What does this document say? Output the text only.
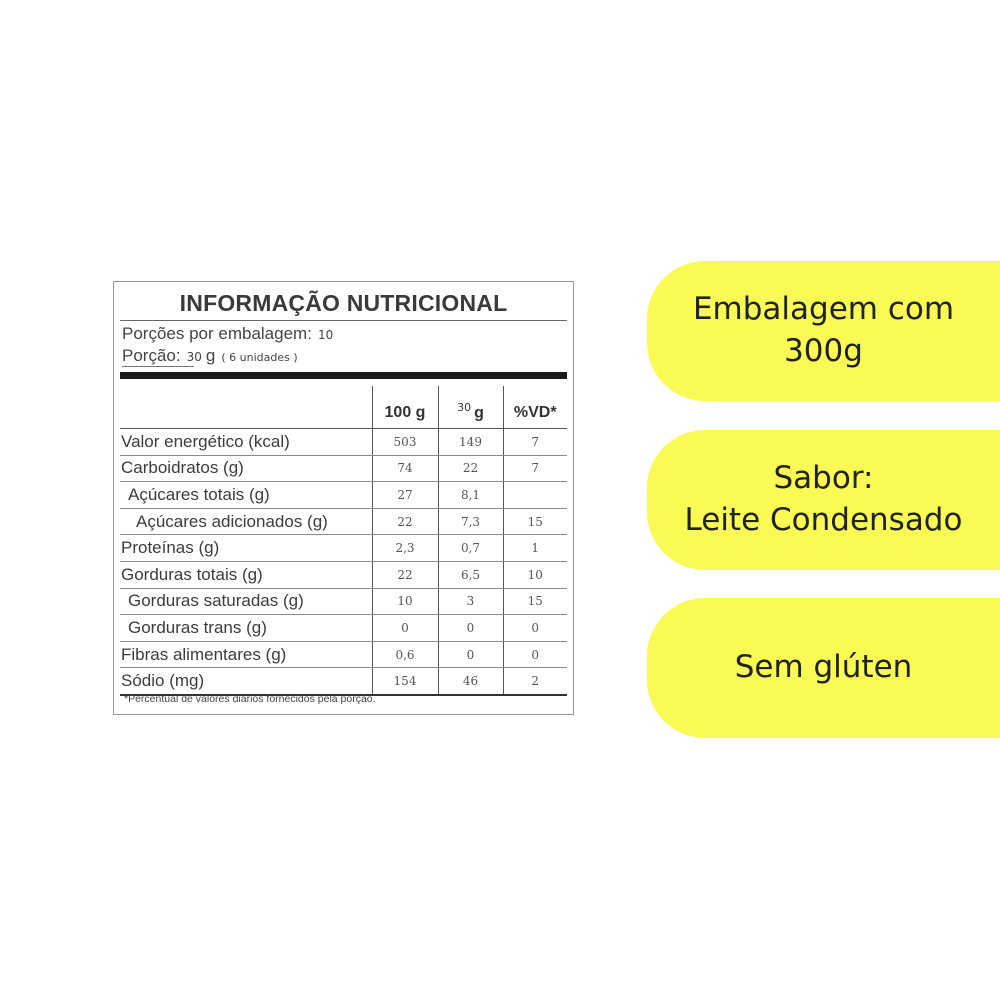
INFORMAÇÃO NUTRICIONAL
Porções por embalagem: 10
Porção: 30 g ( 6 unidades )
	100 g	$^{30}$ g	%VD*
Valor energético (kcal)	503	149	7
Carboidratos (g)	74	22	7
Açúcares totais (g)	27	8,1	
Açúcares adicionados (g)	22	7,3	15
Proteínas (g)	2,3	0,7	1
Gorduras totais (g)	22	6,5	10
Gorduras saturadas (g)	10	3	15
Gorduras trans (g)	0	0	0
Fibras alimentares (g)	0,6	0	0
Sódio (mg)	154	46	2
*Percentual de valores diários fornecidos pela porção.
Embalagem com
300g
Sabor:
Leite Condensado
Sem glúten
